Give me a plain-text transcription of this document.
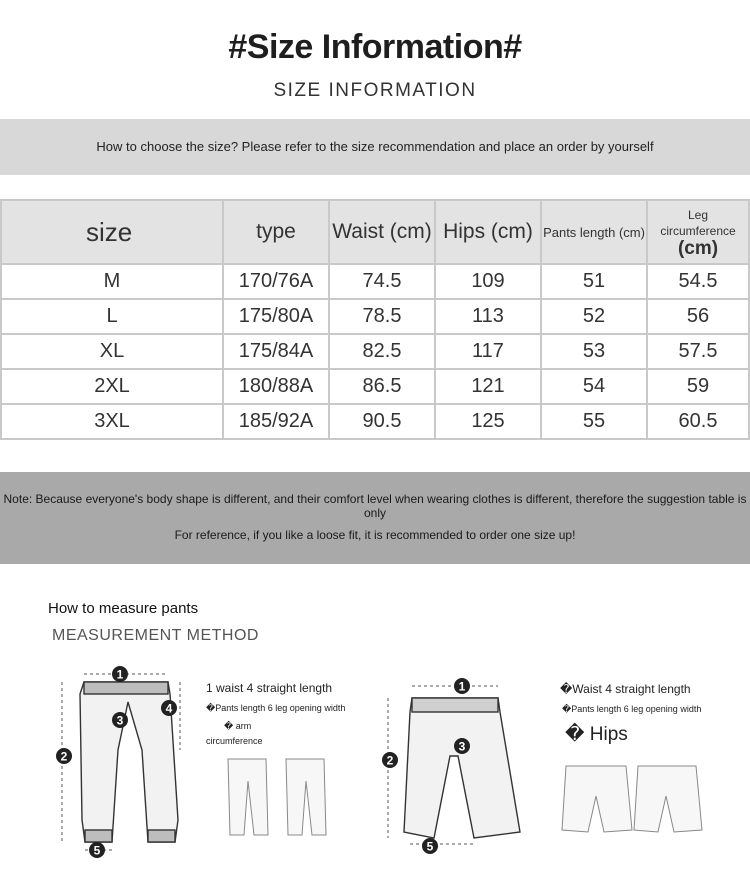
#Size Information#
SIZE INFORMATION
How to choose the size? Please refer to the size recommendation and place an order by yourself
size	type	Waist (cm)	Hips (cm)	Pants length (cm)	Leg
circumference
(cm)

M	170/76A	74.5	109	51	54.5
L	175/80A	78.5	113	52	56
XL	175/84A	82.5	117	53	57.5
2XL	180/88A	86.5	121	54	59
3XL	185/92A	90.5	125	55	60.5
Note: Because everyone's body shape is different, and their comfort level when wearing clothes is different, therefore the suggestion table is only
For reference, if you like a loose fit, it is recommended to order one size up!
How to measure pants
MEASUREMENT METHOD
1
2
3
4
5
1 waist 4 straight length
�Pants length 6 leg opening width
� arm
circumference
1
2
3
5
�Waist 4 straight length
�Pants length 6 leg opening width
� Hips
